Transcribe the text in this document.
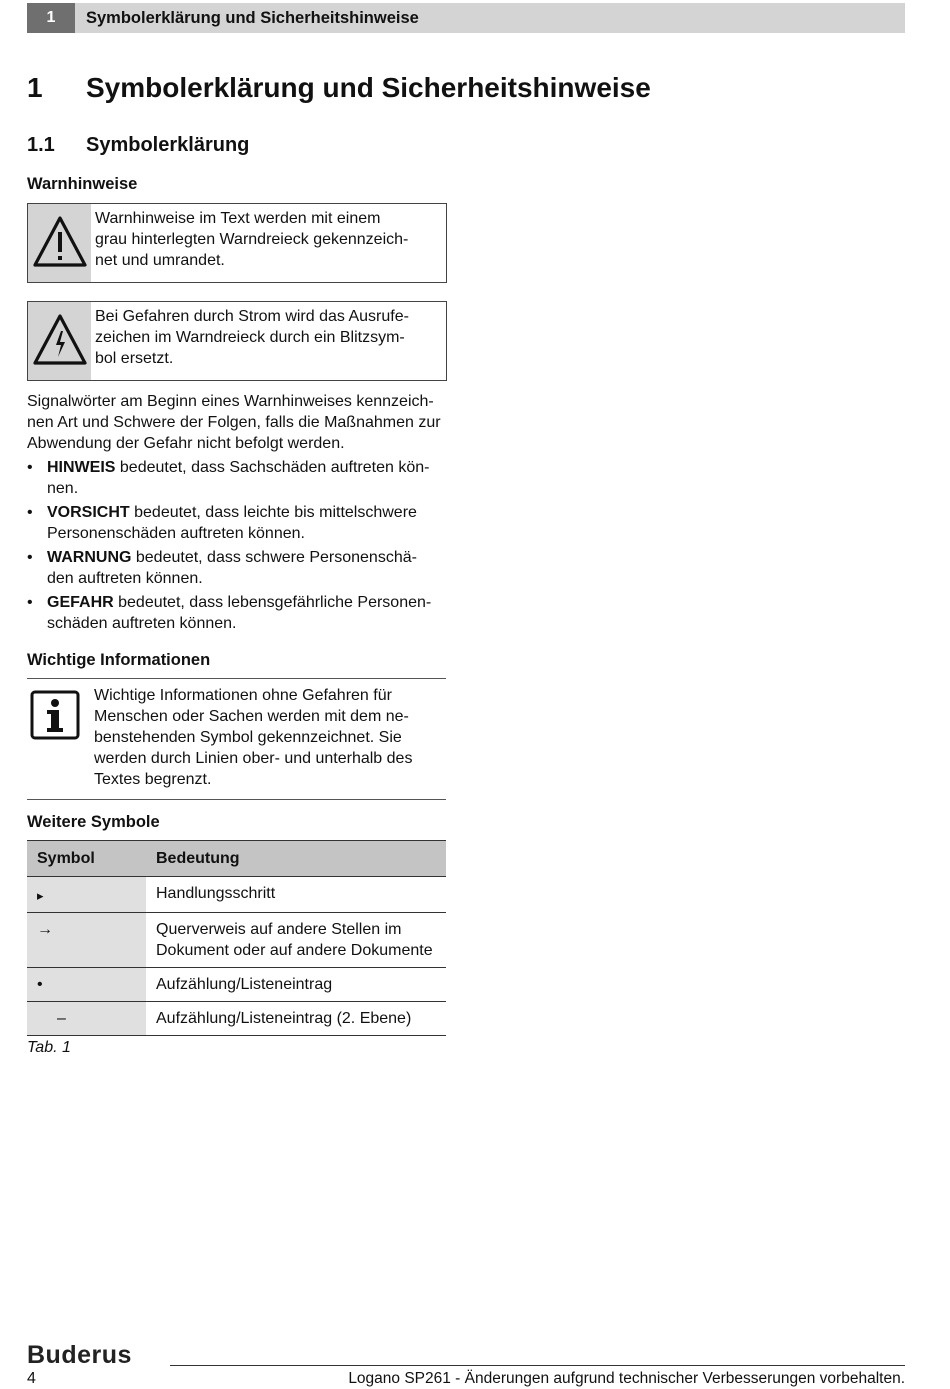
1	Symbolerklärung und Sicherheitshinweise
1 Symbolerklärung und Sicherheitshinweise
1.1 Symbolerklärung
Warnhinweise
Warnhinweise im Text werden mit einem
grau hinterlegten Warndreieck gekennzeich-
net und umrandet.
Bei Gefahren durch Strom wird das Ausrufe-
zeichen im Warndreieck durch ein Blitzsym-
bol ersetzt.
Signalwörter am Beginn eines Warnhinweises kennzeich-
nen Art und Schwere der Folgen, falls die Maßnahmen zur
Abwendung der Gefahr nicht befolgt werden.
• HINWEIS bedeutet, dass Sachschäden auftreten kön-
nen.
• VORSICHT bedeutet, dass leichte bis mittelschwere
Personenschäden auftreten können.
• WARNUNG bedeutet, dass schwere Personenschä-
den auftreten können.
• GEFAHR bedeutet, dass lebensgefährliche Personen-
schäden auftreten können.
Wichtige Informationen
Wichtige Informationen ohne Gefahren für
Menschen oder Sachen werden mit dem ne-
benstehenden Symbol gekennzeichnet. Sie
werden durch Linien ober- und unterhalb des
Textes begrenzt.
Weitere Symbole
Symbol	Bedeutung
▸	Handlungsschritt

→	Querverweis auf andere Stellen im
Dokument oder auf andere Dokumente

•	Aufzählung/Listeneintrag

–	Aufzählung/Listeneintrag (2. Ebene)
Tab. 1
Buderus
4	Logano SP261 - Änderungen aufgrund technischer Verbesserungen vorbehalten.
